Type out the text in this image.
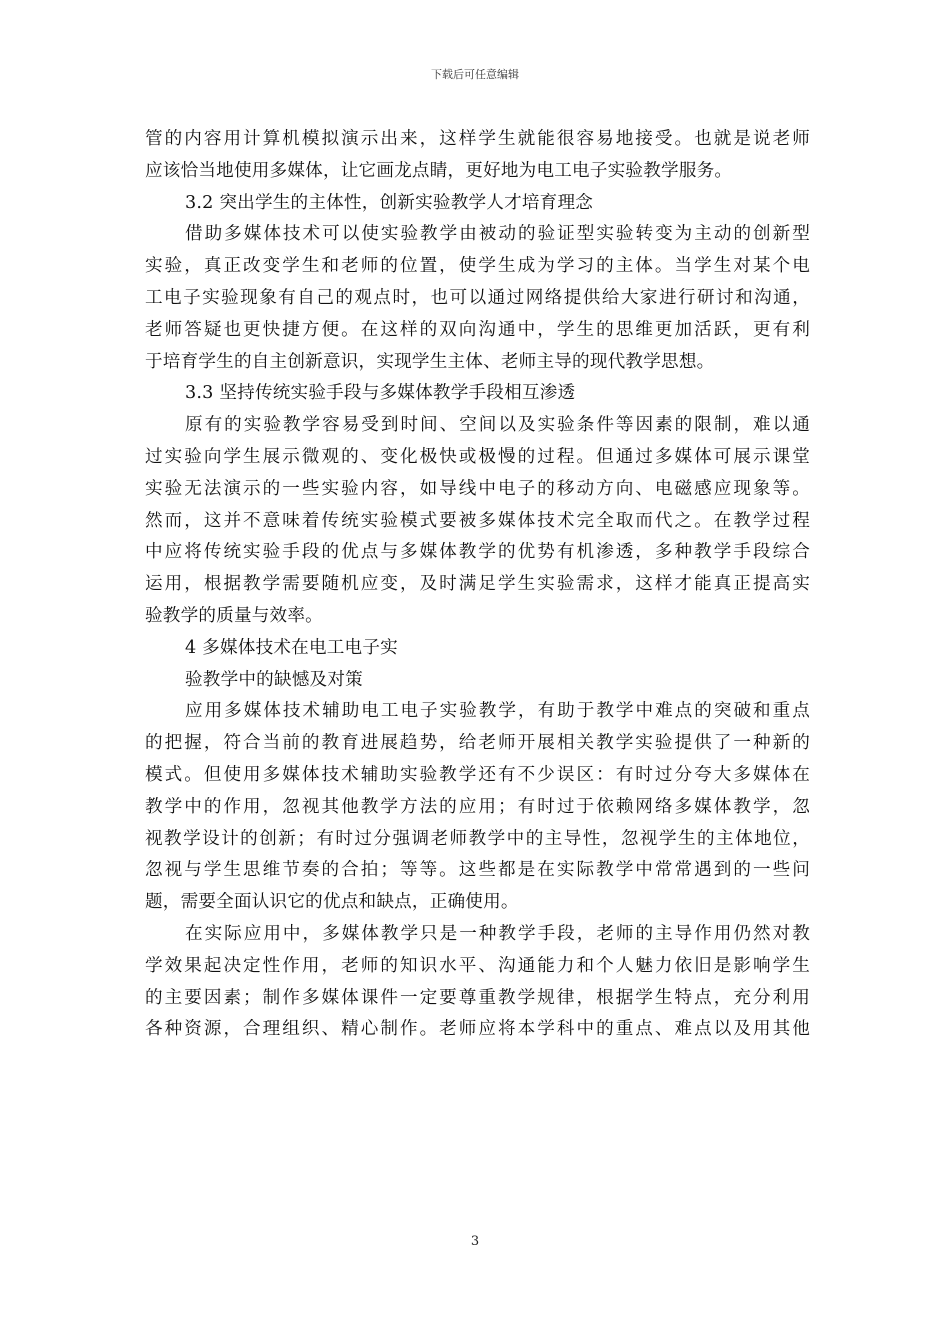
下载后可任意编辑
管的内容用计算机模拟演示出来，这样学生就能很容易地接受。也就是说老师
应该恰当地使用多媒体，让它画龙点睛，更好地为电工电子实验教学服务。
3.2 突出学生的主体性，创新实验教学人才培育理念
借助多媒体技术可以使实验教学由被动的验证型实验转变为主动的创新型
实验，真正改变学生和老师的位置，使学生成为学习的主体。当学生对某个电
工电子实验现象有自己的观点时，也可以通过网络提供给大家进行研讨和沟通，
老师答疑也更快捷方便。在这样的双向沟通中，学生的思维更加活跃，更有利
于培育学生的自主创新意识，实现学生主体、老师主导的现代教学思想。
3.3 坚持传统实验手段与多媒体教学手段相互渗透
原有的实验教学容易受到时间、空间以及实验条件等因素的限制，难以通
过实验向学生展示微观的、变化极快或极慢的过程。但通过多媒体可展示课堂
实验无法演示的一些实验内容，如导线中电子的移动方向、电磁感应现象等。
然而，这并不意味着传统实验模式要被多媒体技术完全取而代之。在教学过程
中应将传统实验手段的优点与多媒体教学的优势有机渗透，多种教学手段综合
运用，根据教学需要随机应变，及时满足学生实验需求，这样才能真正提高实
验教学的质量与效率。
4 多媒体技术在电工电子实
验教学中的缺憾及对策
应用多媒体技术辅助电工电子实验教学，有助于教学中难点的突破和重点
的把握，符合当前的教育进展趋势，给老师开展相关教学实验提供了一种新的
模式。但使用多媒体技术辅助实验教学还有不少误区：有时过分夸大多媒体在
教学中的作用，忽视其他教学方法的应用；有时过于依赖网络多媒体教学，忽
视教学设计的创新；有时过分强调老师教学中的主导性，忽视学生的主体地位，
忽视与学生思维节奏的合拍；等等。这些都是在实际教学中常常遇到的一些问
题，需要全面认识它的优点和缺点，正确使用。
在实际应用中，多媒体教学只是一种教学手段，老师的主导作用仍然对教
学效果起决定性作用，老师的知识水平、沟通能力和个人魅力依旧是影响学生
的主要因素；制作多媒体课件一定要尊重教学规律，根据学生特点，充分利用
各种资源，合理组织、精心制作。老师应将本学科中的重点、难点以及用其他
3
